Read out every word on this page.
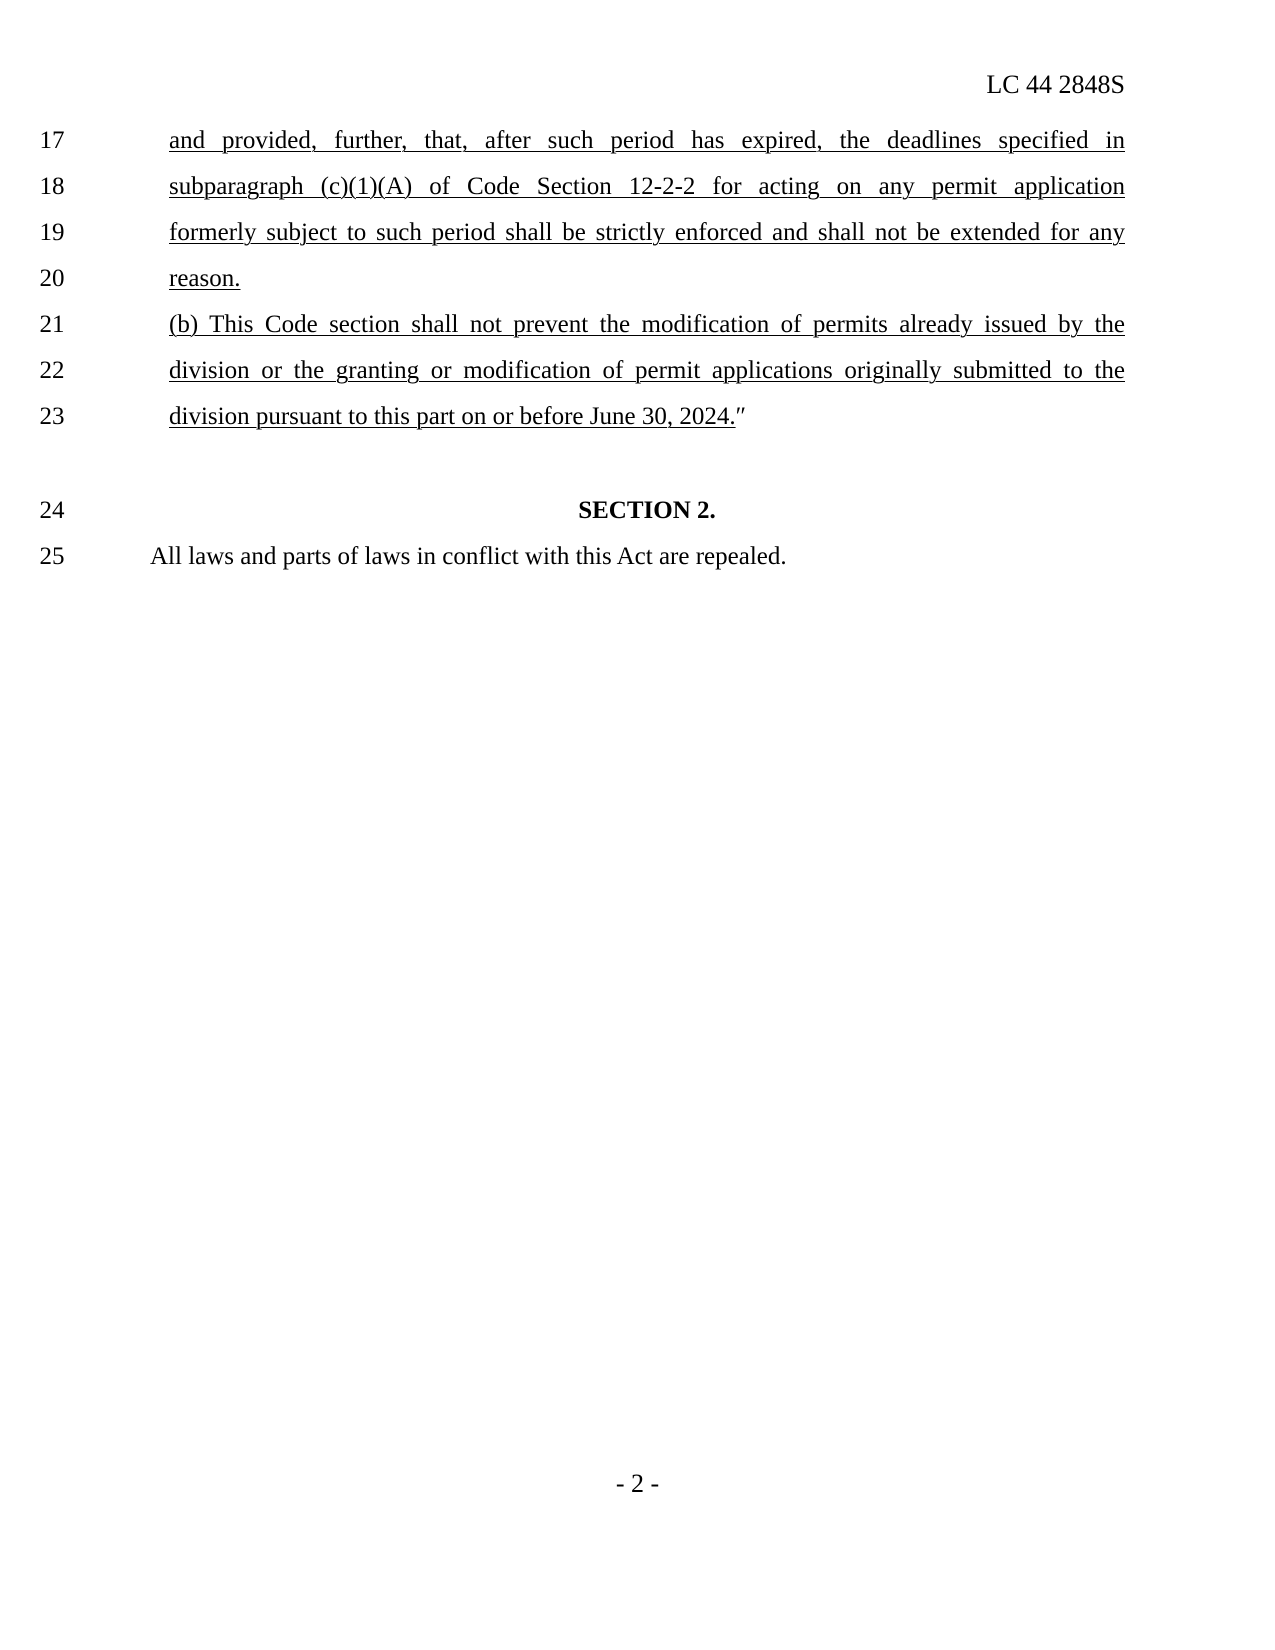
LC 44 2848S
17	and provided, further, that, after such period has expired, the deadlines specified in
18	subparagraph (c)(1)(A) of Code Section 12-2-2 for acting on any permit application
19	formerly subject to such period shall be strictly enforced and shall not be extended for any
20	reason.
21	(b) This Code section shall not prevent the modification of permits already issued by the
22	division or the granting or modification of permit applications originally submitted to the
23	division pursuant to this part on or before June 30, 2024.″
24	SECTION 2.
25	All laws and parts of laws in conflict with this Act are repealed.
- 2 -
